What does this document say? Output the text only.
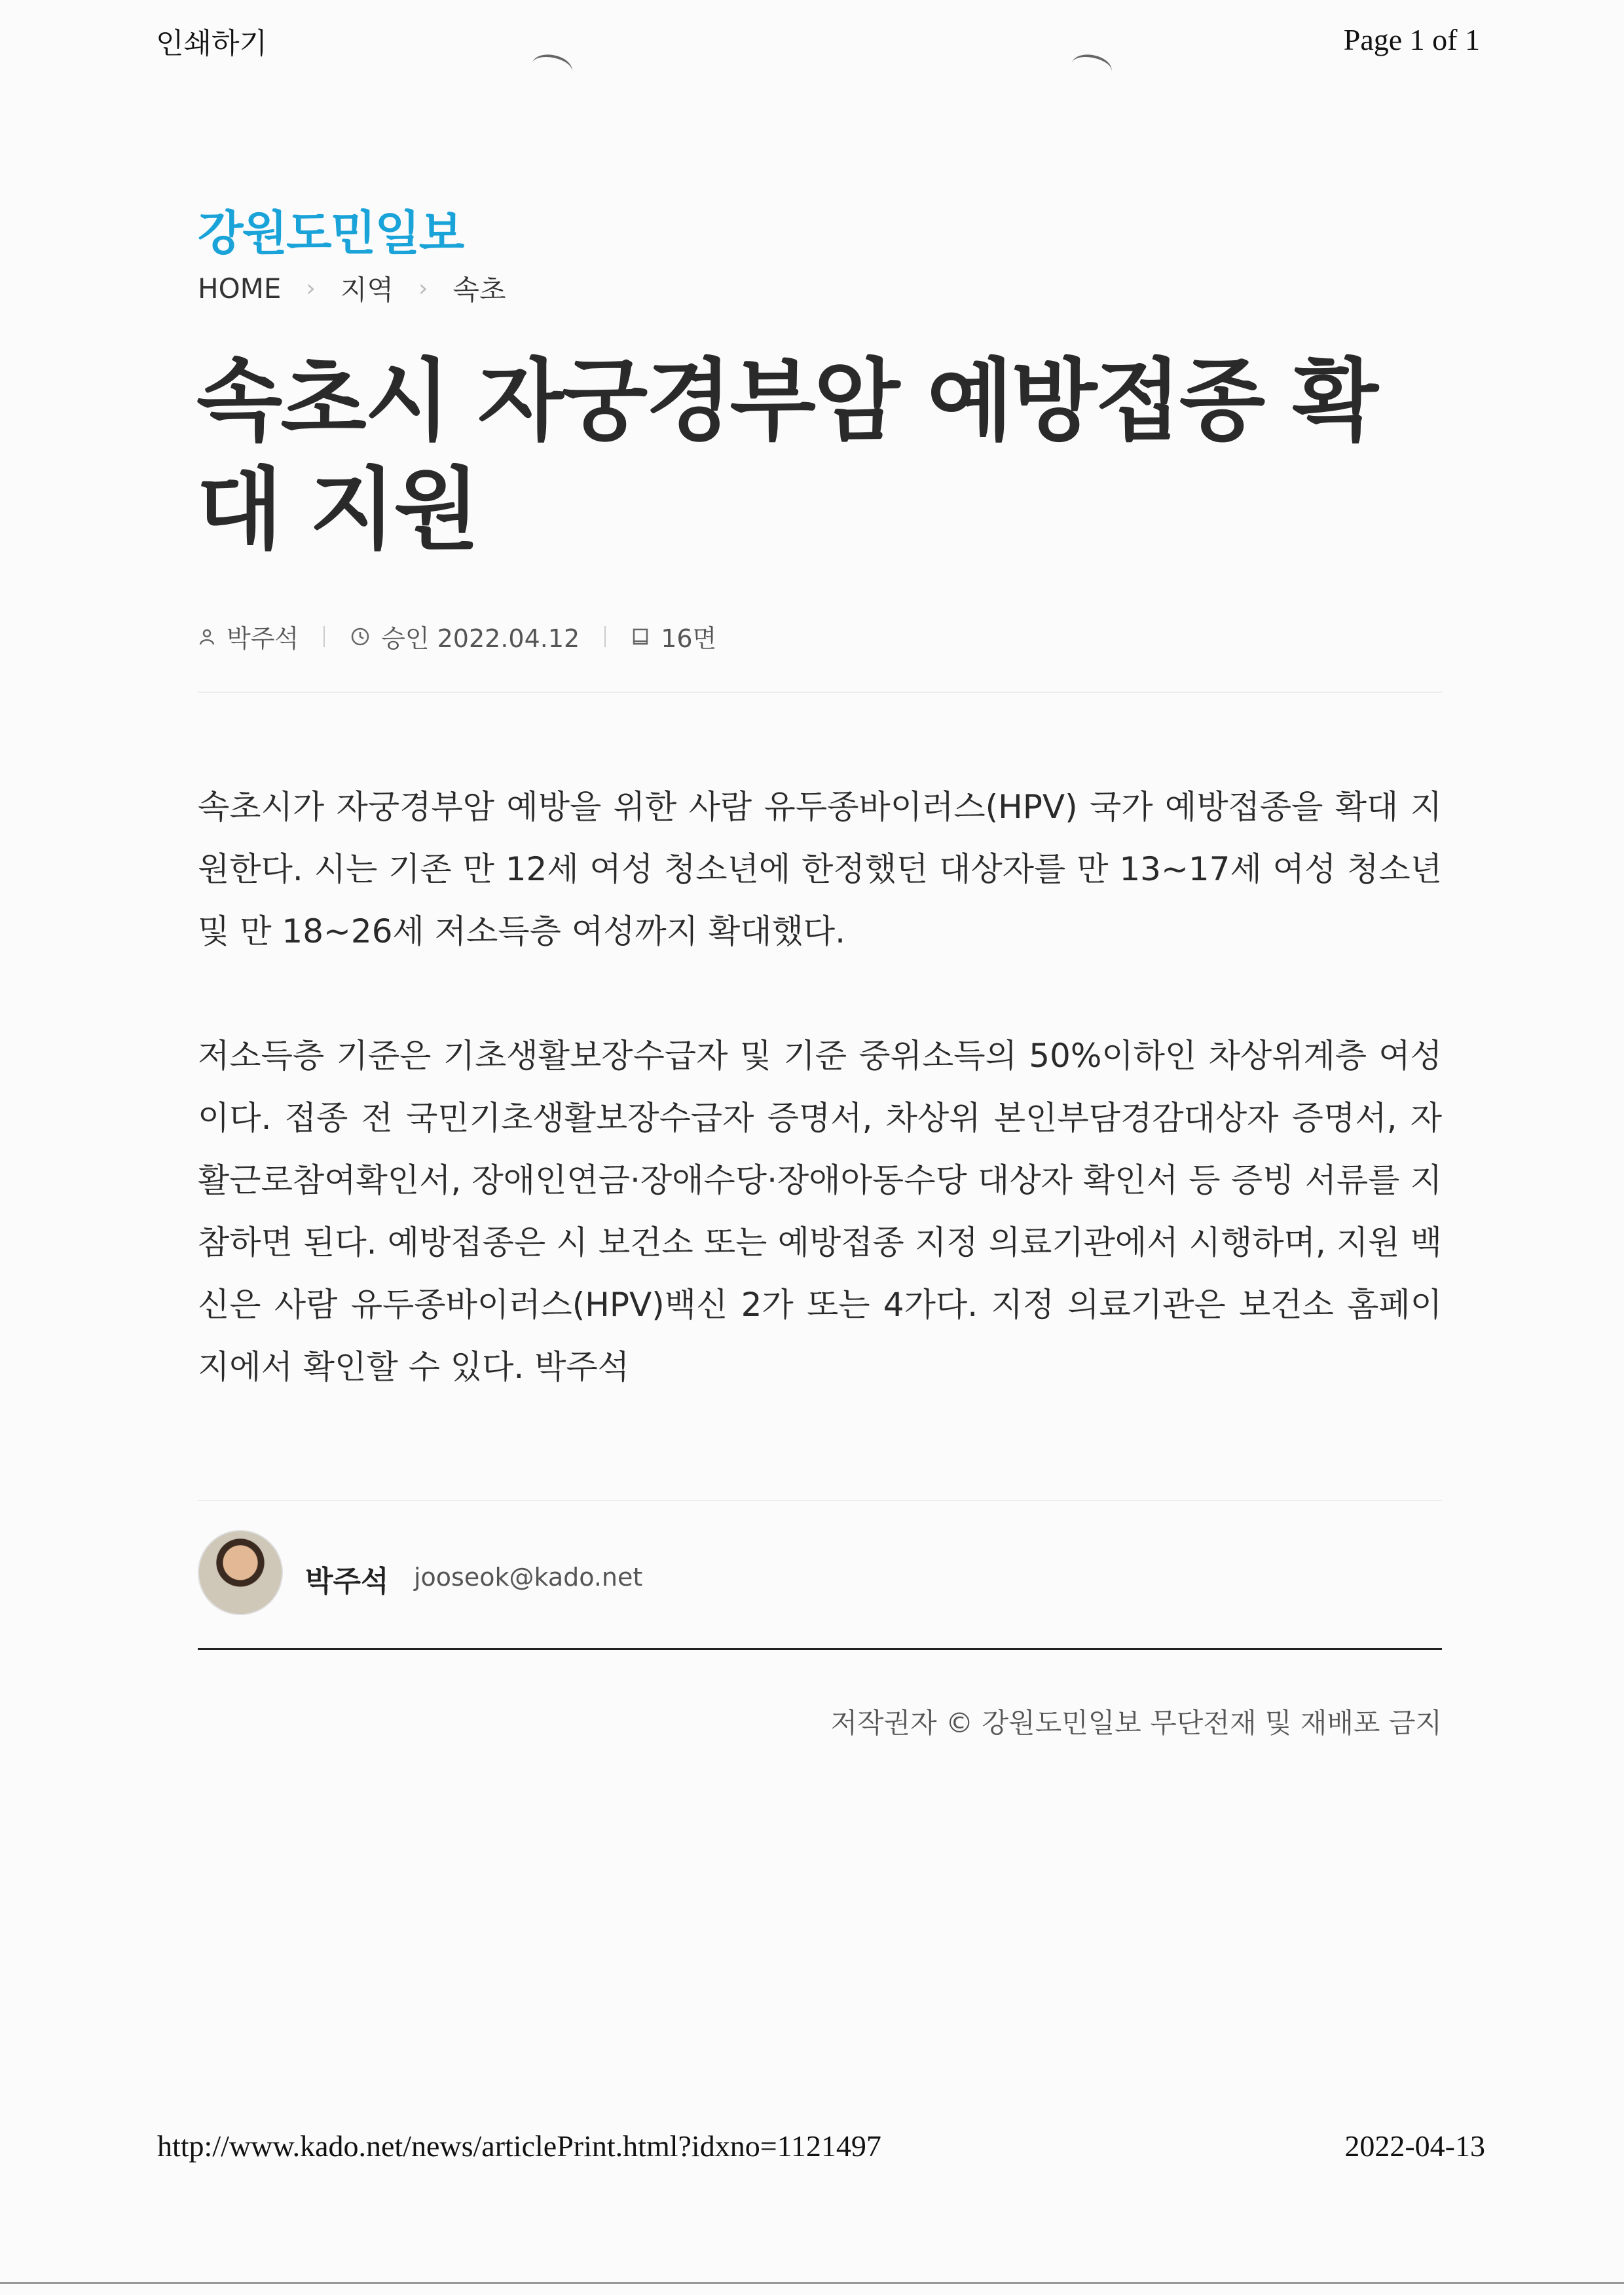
인쇄하기	Page 1 of 1
강원도민일보
HOME › 지역 › 속초
속초시 자궁경부암 예방접종 확대 지원
박주석	승인 2022.04.12	16면

속초시가 자궁경부암 예방을 위한 사람 유두종바이러스(HPV) 국가 예방접종을 확대 지원한다. 시는 기존 만 12세 여성 청소년에 한정했던 대상자를 만 13~17세 여성 청소년 및 만 18~26세 저소득층 여성까지 확대했다.

저소득층 기준은 기초생활보장수급자 및 기준 중위소득의 50%이하인 차상위계층 여성이다. 접종 전 국민기초생활보장수급자 증명서, 차상위 본인부담경감대상자 증명서, 자활근로참여확인서, 장애인연금·장애수당·장애아동수당 대상자 확인서 등 증빙 서류를 지참하면 된다. 예방접종은 시 보건소 또는 예방접종 지정 의료기관에서 시행하며, 지원 백신은 사람 유두종바이러스(HPV)백신 2가 또는 4가다. 지정 의료기관은 보건소 홈페이지에서 확인할 수 있다. 박주석

박주석 jooseok@kado.net
저작권자 © 강원도민일보 무단전재 및 재배포 금지
http://www.kado.net/news/articlePrint.html?idxno=1121497	2022-04-13
